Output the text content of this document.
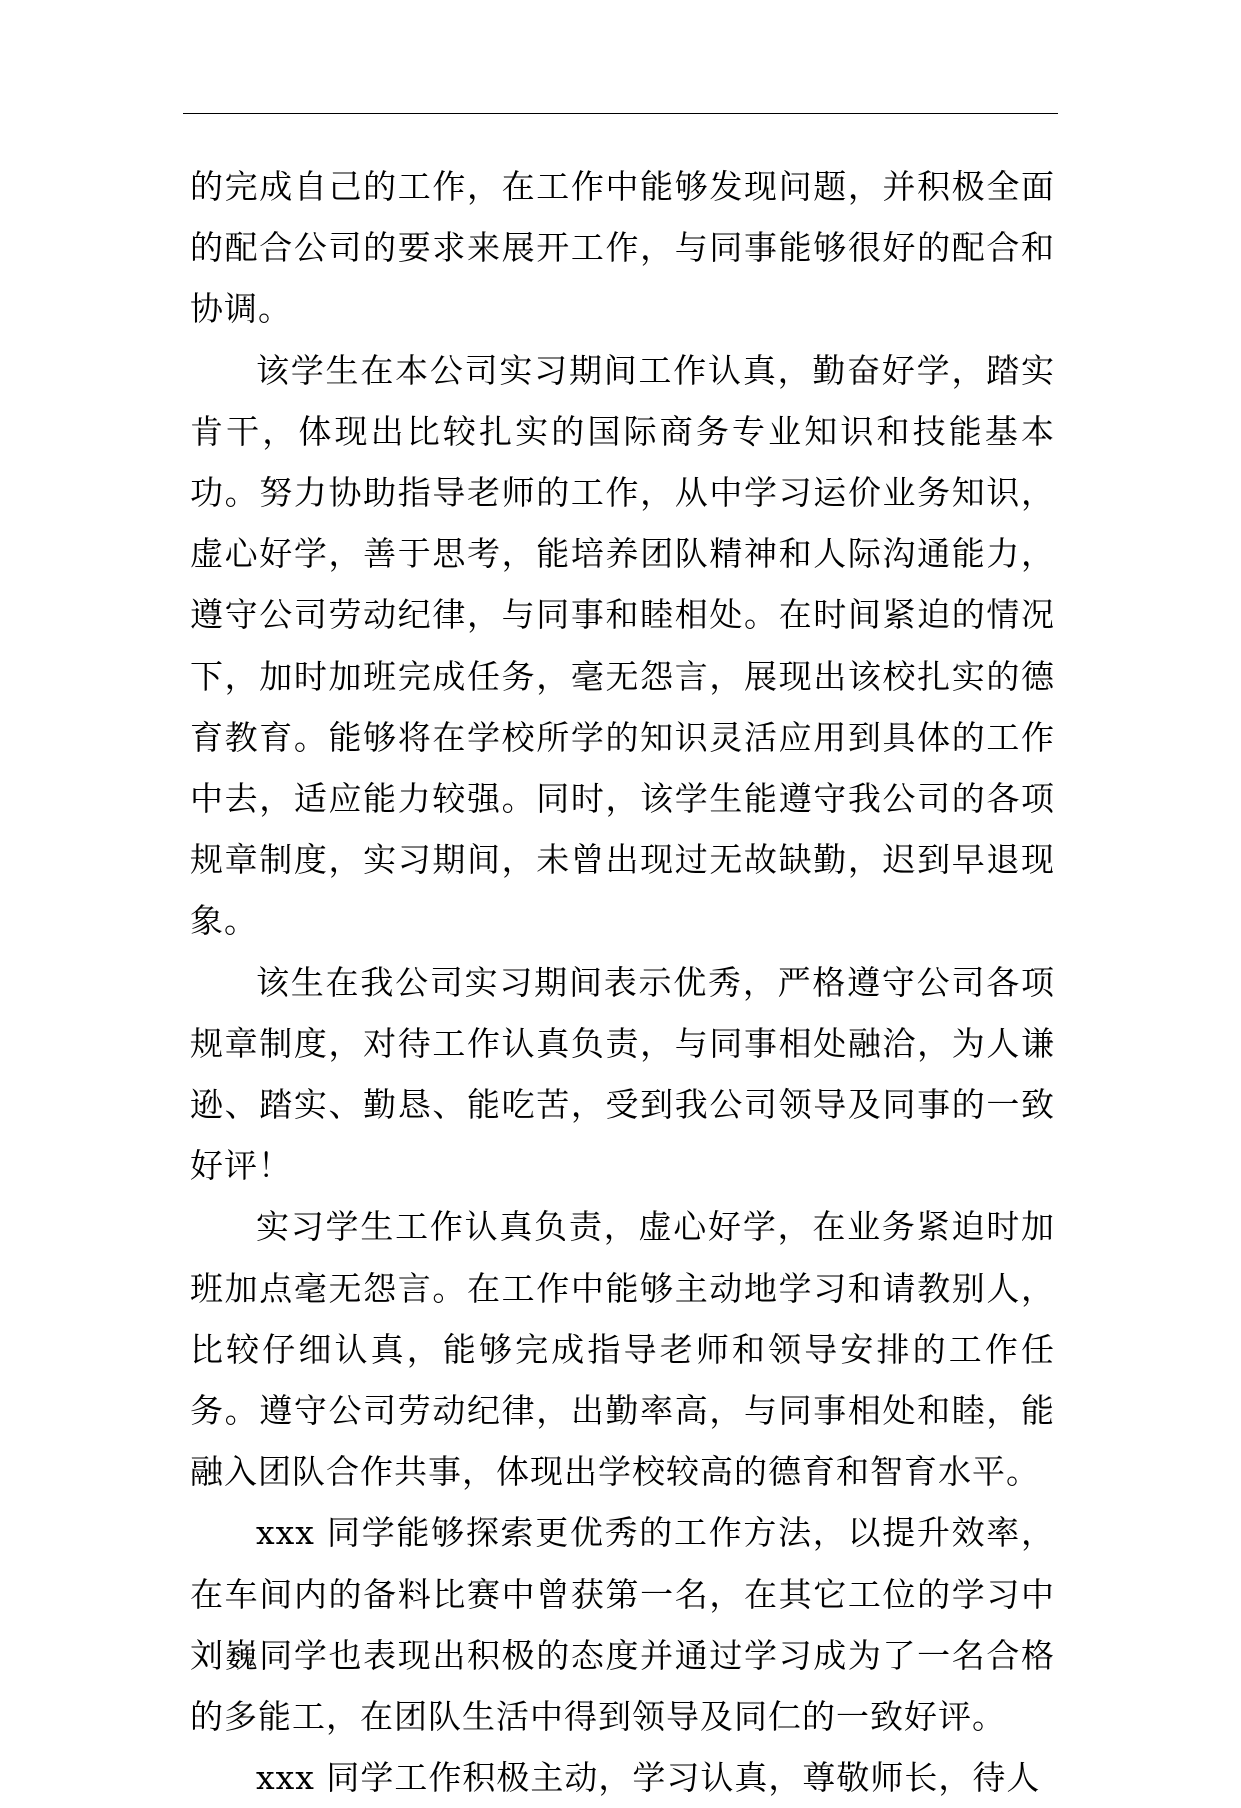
的完成自己的工作，在工作中能够发现问题，并积极全面的配合公司的要求来展开工作，与同事能够很好的配合和协调。

该学生在本公司实习期间工作认真，勤奋好学，踏实肯干，体现出比较扎实的国际商务专业知识和技能基本功。努力协助指导老师的工作，从中学习运价业务知识，虚心好学，善于思考，能培养团队精神和人际沟通能力，遵守公司劳动纪律，与同事和睦相处。在时间紧迫的情况下，加时加班完成任务，毫无怨言，展现出该校扎实的德育教育。能够将在学校所学的知识灵活应用到具体的工作中去，适应能力较强。同时，该学生能遵守我公司的各项规章制度，实习期间，未曾出现过无故缺勤，迟到早退现象。

该生在我公司实习期间表示优秀，严格遵守公司各项规章制度，对待工作认真负责，与同事相处融洽，为人谦逊、踏实、勤恳、能吃苦，受到我公司领导及同事的一致好评！

实习学生工作认真负责，虚心好学，在业务紧迫时加班加点毫无怨言。在工作中能够主动地学习和请教别人，比较仔细认真，能够完成指导老师和领导安排的工作任务。遵守公司劳动纪律，出勤率高，与同事相处和睦，能融入团队合作共事，体现出学校较高的德育和智育水平。

xxx 同学能够探索更优秀的工作方法，以提升效率，在车间内的备料比赛中曾获第一名，在其它工位的学习中刘巍同学也表现出积极的态度并通过学习成为了一名合格的多能工，在团队生活中得到领导及同仁的一致好评。

xxx 同学工作积极主动，学习认真，尊敬师长，待人
